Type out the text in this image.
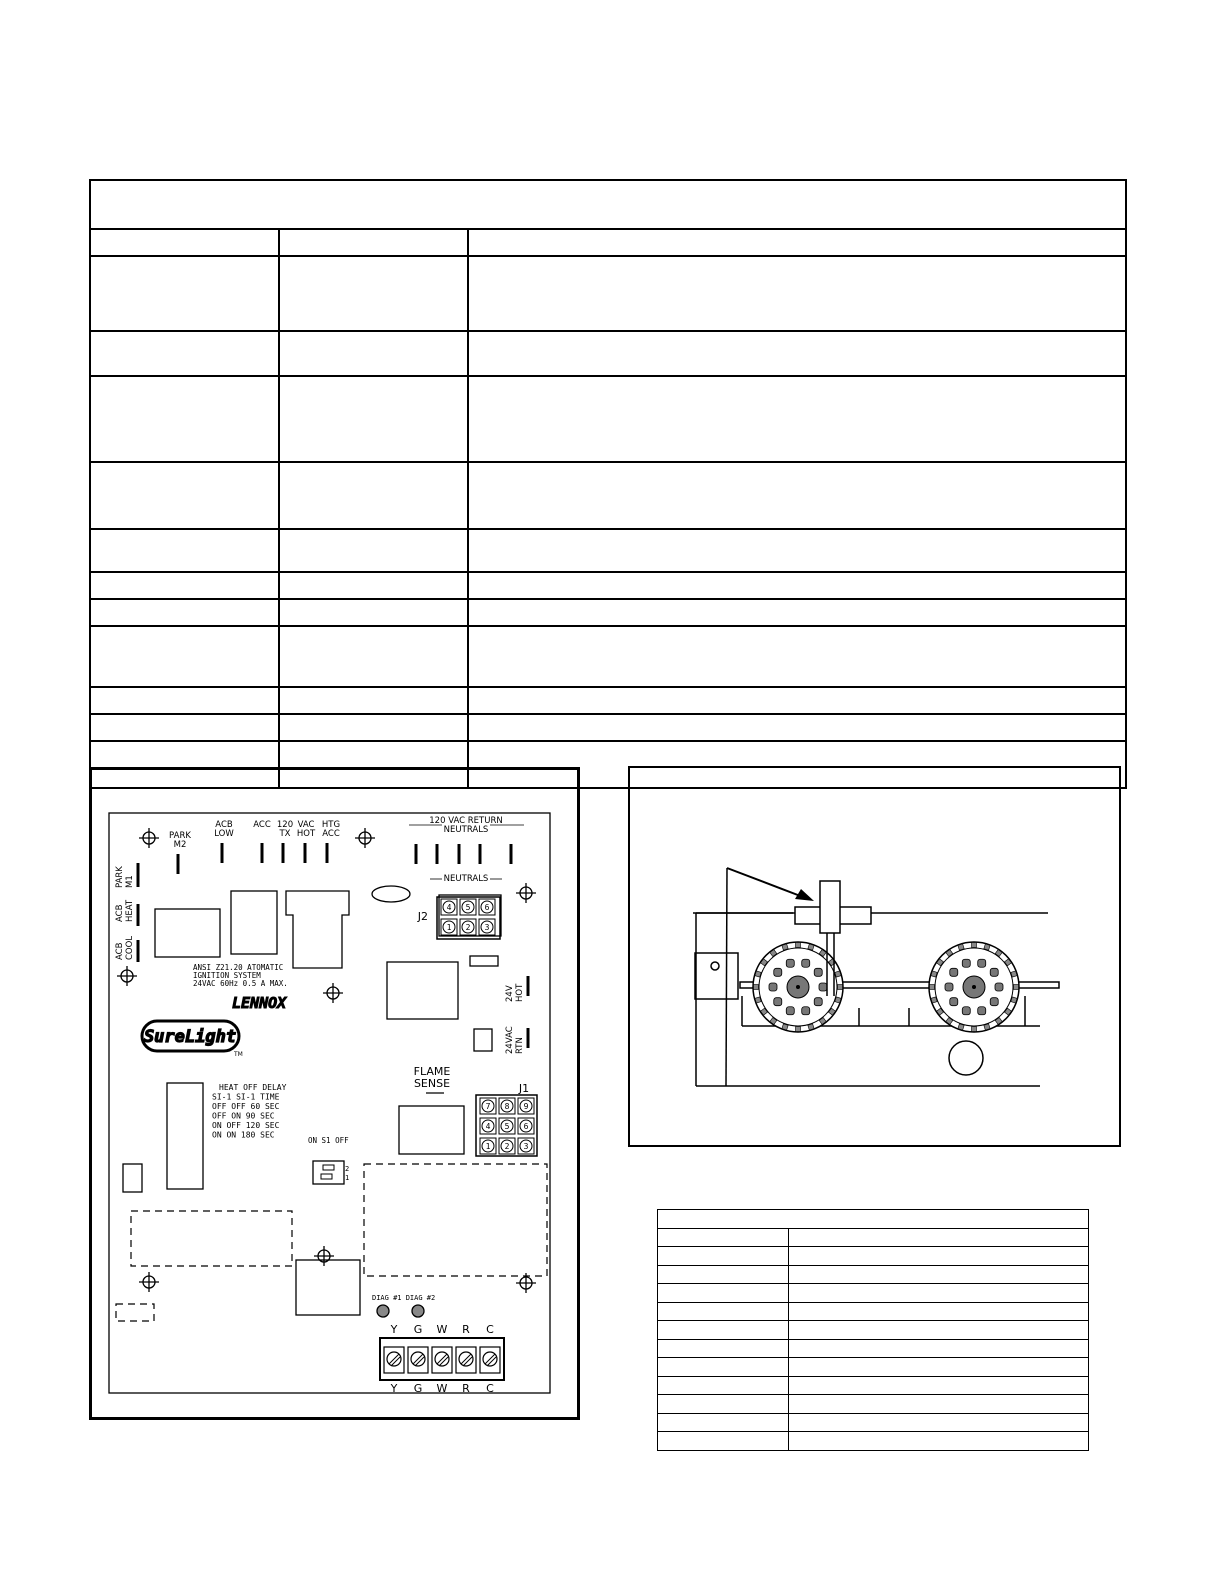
PARK M2
ACB LOW
ACC 120 TX
VAC HOT
HTG ACC
120 VAC RETURN NEUTRALS
NEUTRALS
PARKM1
ACBHEAT
ACBCOOL
J2
4 5 6
1 2 3
ANSI Z21.20 ATOMATIC IGNITION SYSTEM 24VAC 60Hz 0.5 A MAX.
24VHOT
24VACRTN
LENNOX
SureLight
TM
FLAME SENSE	J1
7 8 9
4 5 6
1 2 3
HEAT OFF DELAY SI-1 SI-1 TIME OFF OFF 60 SEC OFF ON 90 SEC ON OFF 120 SEC ON ON 180 SEC
ON S1 OFF
2
1
DIAG #1 DIAG #2
Y
Y
G
G
W
W
R
R
C
C
